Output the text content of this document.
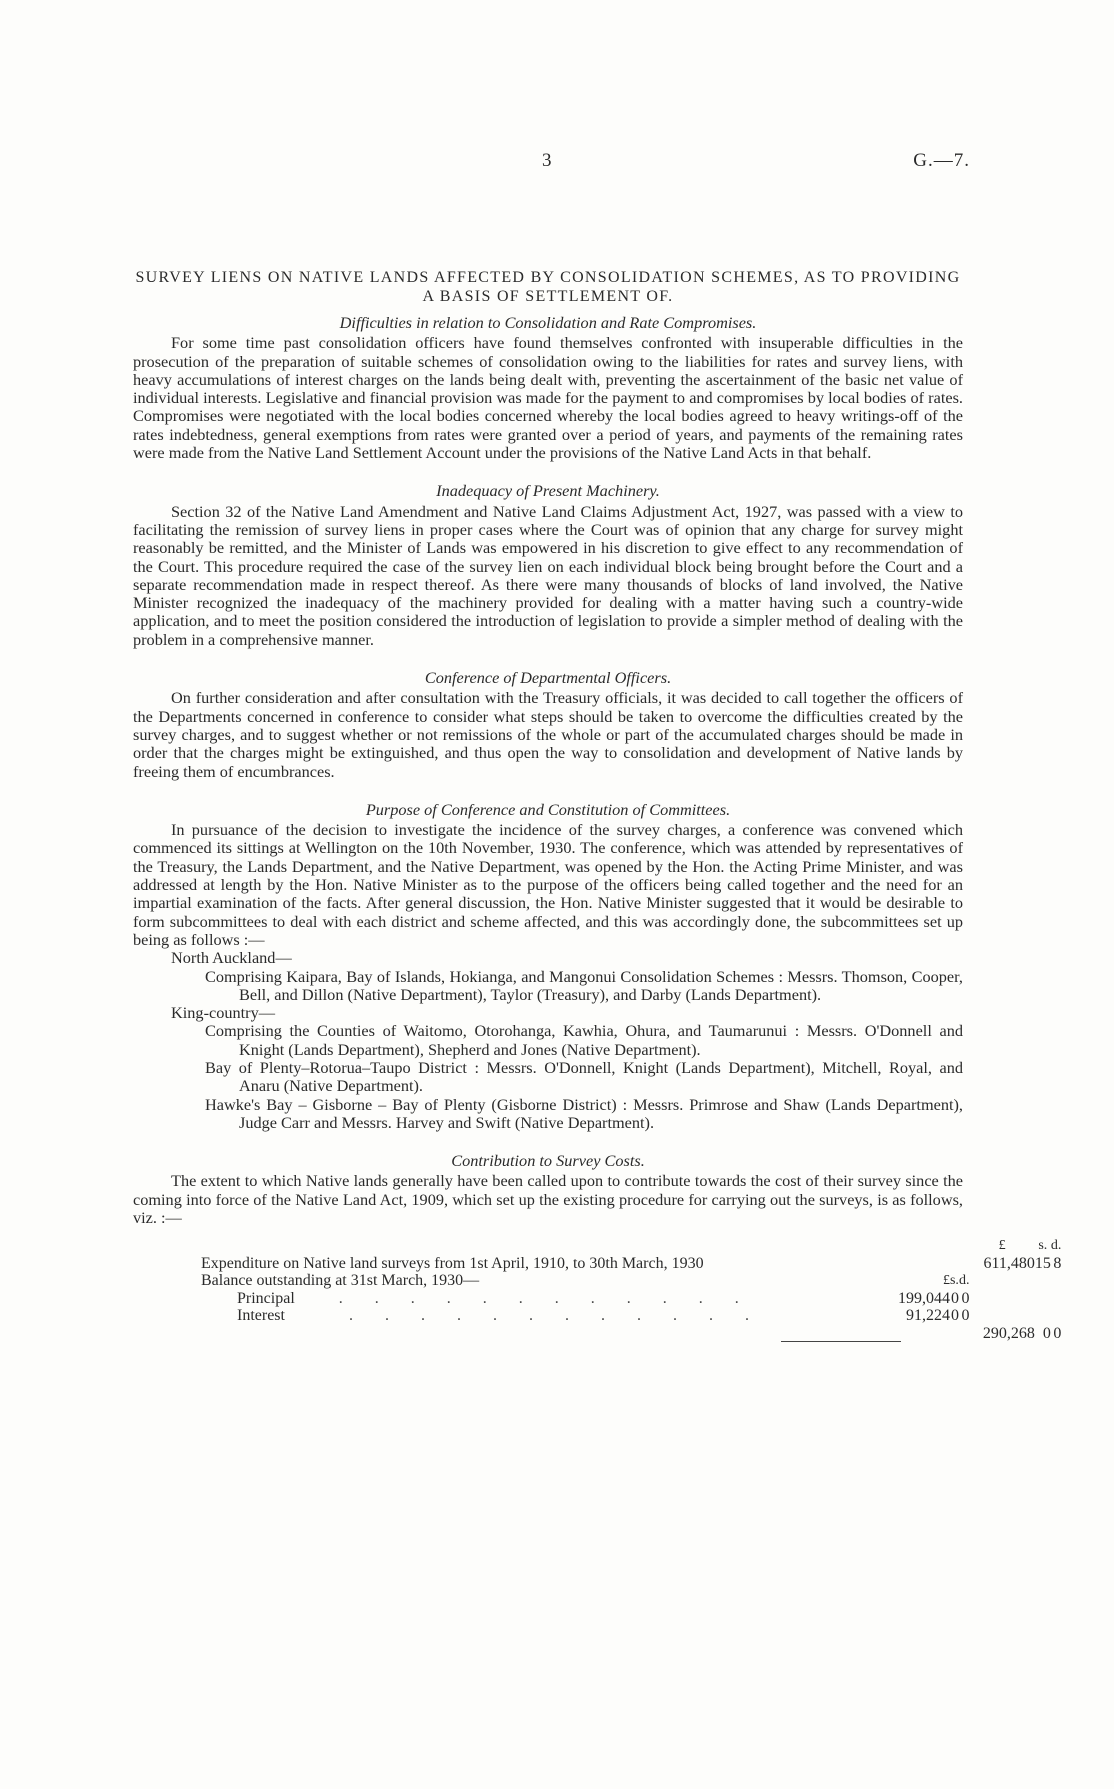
3	G.—7.

SURVEY LIENS ON NATIVE LANDS AFFECTED BY CONSOLIDATION SCHEMES, AS TO PROVIDING A BASIS OF SETTLEMENT OF.

Difficulties in relation to Consolidation and Rate Compromises.

For some time past consolidation officers have found themselves confronted with insuperable difficulties in the prosecution of the preparation of suitable schemes of consolidation owing to the liabilities for rates and survey liens, with heavy accumulations of interest charges on the lands being dealt with, preventing the ascertainment of the basic net value of individual interests. Legislative and financial provision was made for the payment to and compromises by local bodies of rates. Compromises were negotiated with the local bodies concerned whereby the local bodies agreed to heavy writings-off of the rates indebtedness, general exemptions from rates were granted over a period of years, and payments of the remaining rates were made from the Native Land Settlement Account under the provisions of the Native Land Acts in that behalf.

Inadequacy of Present Machinery.

Section 32 of the Native Land Amendment and Native Land Claims Adjustment Act, 1927, was passed with a view to facilitating the remission of survey liens in proper cases where the Court was of opinion that any charge for survey might reasonably be remitted, and the Minister of Lands was empowered in his discretion to give effect to any recommendation of the Court. This procedure required the case of the survey lien on each individual block being brought before the Court and a separate recommendation made in respect thereof. As there were many thousands of blocks of land involved, the Native Minister recognized the inadequacy of the machinery provided for dealing with a matter having such a country-wide application, and to meet the position considered the introduction of legislation to provide a simpler method of dealing with the problem in a comprehensive manner.

Conference of Departmental Officers.

On further consideration and after consultation with the Treasury officials, it was decided to call together the officers of the Departments concerned in conference to consider what steps should be taken to overcome the difficulties created by the survey charges, and to suggest whether or not remissions of the whole or part of the accumulated charges should be made in order that the charges might be extinguished, and thus open the way to consolidation and development of Native lands by freeing them of encumbrances.

Purpose of Conference and Constitution of Committees.

In pursuance of the decision to investigate the incidence of the survey charges, a conference was convened which commenced its sittings at Wellington on the 10th November, 1930. The conference, which was attended by representatives of the Treasury, the Lands Department, and the Native Department, was opened by the Hon. the Acting Prime Minister, and was addressed at length by the Hon. Native Minister as to the purpose of the officers being called together and the need for an impartial examination of the facts. After general discussion, the Hon. Native Minister suggested that it would be desirable to form subcommittees to deal with each district and scheme affected, and this was accordingly done, the subcommittees set up being as follows :—

North Auckland—

Comprising Kaipara, Bay of Islands, Hokianga, and Mangonui Consolidation Schemes : Messrs. Thomson, Cooper, Bell, and Dillon (Native Department), Taylor (Treasury), and Darby (Lands Department).

King-country—

Comprising the Counties of Waitomo, Otorohanga, Kawhia, Ohura, and Taumarunui : Messrs. O'Donnell and Knight (Lands Department), Shepherd and Jones (Native Department).

Bay of Plenty–Rotorua–Taupo District : Messrs. O'Donnell, Knight (Lands Department), Mitchell, Royal, and Anaru (Native Department).

Hawke's Bay – Gisborne – Bay of Plenty (Gisborne District) : Messrs. Primrose and Shaw (Lands Department), Judge Carr and Messrs. Harvey and Swift (Native Department).

Contribution to Survey Costs.

The extent to which Native lands generally have been called upon to contribute towards the cost of their survey since the coming into force of the Native Land Act, 1909, which set up the existing procedure for carrying out the surveys, is as follows, viz. :—

							£	s.	d.
Expenditure on Native land surveys from 1st April, 1910, to 30th March, 1930						611,480	15	8
Balance outstanding at 31st March, 1930—			£	s.	d.				
Principal . . . . . . . . . . . .			199,044	0	0				
Interest . . . . . . . . . . . .			91,224	0	0				

					290,268	0	0
